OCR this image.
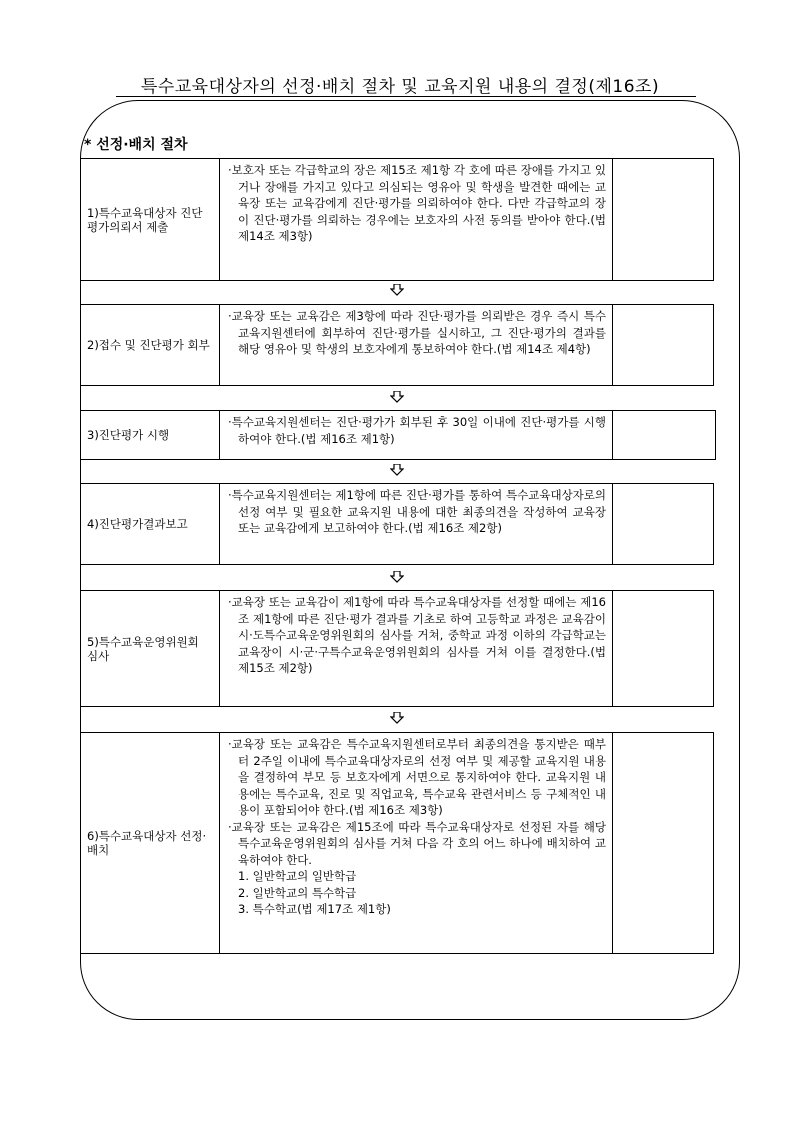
특수교육대상자의 선정·배치 절차 및 교육지원 내용의 결정(제16조)
* 선정·배치 절차
1)특수교육대상자 진단평가의뢰서 제출
·보호자 또는 각급학교의 장은 제15조 제1항 각 호에 따른 장애를 가지고 있거나 장애를 가지고 있다고 의심되는 영유아 및 학생을 발견한 때에는 교육장 또는 교육감에게 진단·평가를 의뢰하여야 한다. 다만 각급학교의 장이 진단·평가를 의뢰하는 경우에는 보호자의 사전 동의를 받아야 한다.(법 제14조 제3항)
2)접수 및 진단평가 회부
·교육장 또는 교육감은 제3항에 따라 진단·평가를 의뢰받은 경우 즉시 특수교육지원센터에 회부하여 진단·평가를 실시하고, 그 진단·평가의 결과를 해당 영유아 및 학생의 보호자에게 통보하여야 한다.(법 제14조 제4항)
3)진단평가 시행
·특수교육지원센터는 진단·평가가 회부된 후 30일 이내에 진단·평가를 시행하여야 한다.(법 제16조 제1항)
4)진단평가결과보고
·특수교육지원센터는 제1항에 따른 진단·평가를 통하여 특수교육대상자로의 선정 여부 및 필요한 교육지원 내용에 대한 최종의견을 작성하여 교육장 또는 교육감에게 보고하여야 한다.(법 제16조 제2항)
5)특수교육운영위원회 심사
·교육장 또는 교육감이 제1항에 따라 특수교육대상자를 선정할 때에는 제16조 제1항에 따른 진단·평가 결과를 기초로 하여 고등학교 과정은 교육감이 시·도특수교육운영위원회의 심사를 거쳐, 중학교 과정 이하의 각급학교는 교육장이 시·군·구특수교육운영위원회의 심사를 거쳐 이를 결정한다.(법 제15조 제2항)
6)특수교육대상자 선정·배치
·교육장 또는 교육감은 특수교육지원센터로부터 최종의견을 통지받은 때부터 2주일 이내에 특수교육대상자로의 선정 여부 및 제공할 교육지원 내용을 결정하여 부모 등 보호자에게 서면으로 통지하여야 한다. 교육지원 내용에는 특수교육, 진로 및 직업교육, 특수교육 관련서비스 등 구체적인 내용이 포함되어야 한다.(법 제16조 제3항)
·교육장 또는 교육감은 제15조에 따라 특수교육대상자로 선정된 자를 해당 특수교육운영위원회의 심사를 거쳐 다음 각 호의 어느 하나에 배치하여 교육하여야 한다.
1. 일반학교의 일반학급
2. 일반학교의 특수학급
3. 특수학교(법 제17조 제1항)
